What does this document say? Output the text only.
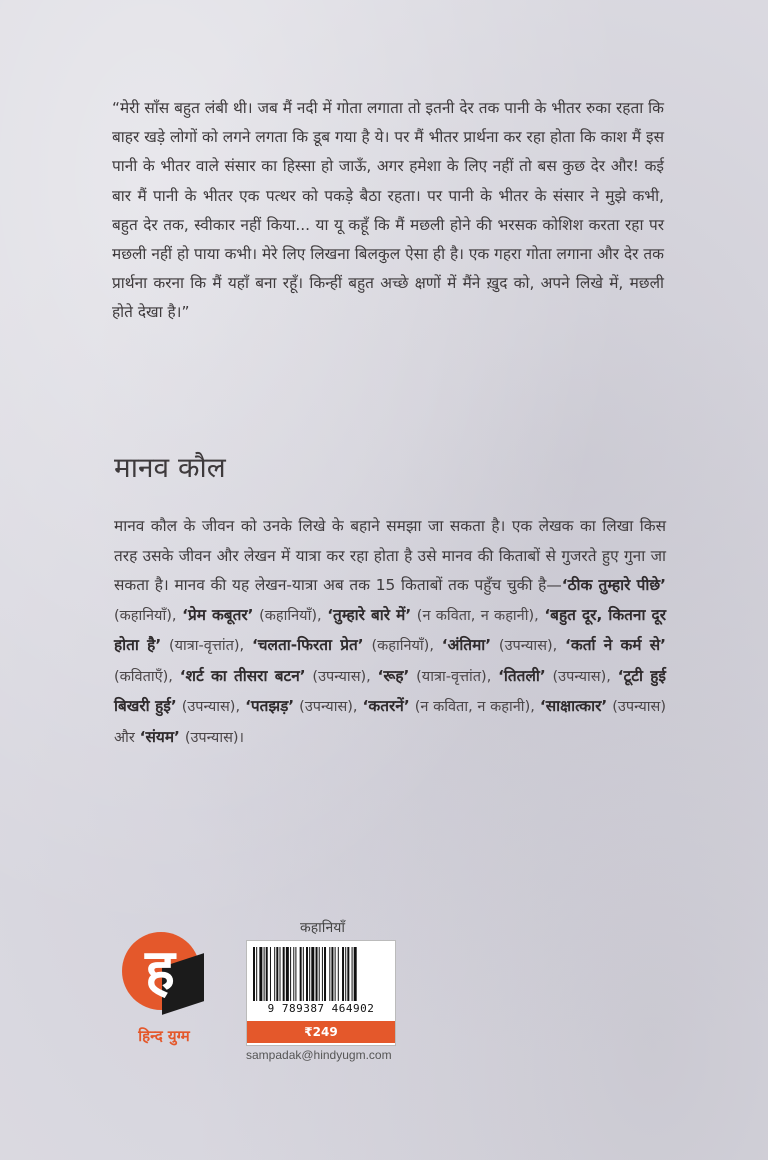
“मेरी साँस बहुत लंबी थी। जब मैं नदी में गोता लगाता तो इतनी देर तक पानी के भीतर रुका रहता कि बाहर खड़े लोगों को लगने लगता कि डूब गया है ये। पर मैं भीतर प्रार्थना कर रहा होता कि काश मैं इस पानी के भीतर वाले संसार का हिस्सा हो जाऊँ, अगर हमेशा के लिए नहीं तो बस कुछ देर और! कई बार मैं पानी के भीतर एक पत्थर को पकड़े बैठा रहता। पर पानी के भीतर के संसार ने मुझे कभी, बहुत देर तक, स्वीकार नहीं किया... या यू कहूँ कि मैं मछली होने की भरसक कोशिश करता रहा पर मछली नहीं हो पाया कभी। मेरे लिए लिखना बिलकुल ऐसा ही है। एक गहरा गोता लगाना और देर तक प्रार्थना करना कि मैं यहाँ बना रहूँ। किन्हीं बहुत अच्छे क्षणों में मैंने ख़ुद को, अपने लिखे में, मछली होते देखा है।”

मानव कौल

मानव कौल के जीवन को उनके लिखे के बहाने समझा जा सकता है। एक लेखक का लिखा किस तरह उसके जीवन और लेखन में यात्रा कर रहा होता है उसे मानव की किताबों से गुजरते हुए गुना जा सकता है। मानव की यह लेखन-यात्रा अब तक 15 किताबों तक पहुँच चुकी है—‘ठीक तुम्हारे पीछे’ (कहानियाँ), ‘प्रेम कबूतर’ (कहानियाँ), ‘तुम्हारे बारे में’ (न कविता, न कहानी), ‘बहुत दूर, कितना दूर होता है’ (यात्रा-वृत्तांत), ‘चलता-फिरता प्रेत’ (कहानियाँ), ‘अंतिमा’ (उपन्यास), ‘कर्ता ने कर्म से’ (कविताएँ), ‘शर्ट का तीसरा बटन’ (उपन्यास), ‘रूह’ (यात्रा-वृत्तांत), ‘तितली’ (उपन्यास), ‘टूटी हुई बिखरी हुई’ (उपन्यास), ‘पतझड़’ (उपन्यास), ‘कतरनें’ (न कविता, न कहानी), ‘साक्षात्कार’ (उपन्यास) और ‘संयम’ (उपन्यास)।

कहानियाँ

ह
हिन्द युग्म
9 789387 464902
₹249

sampadak@hindyugm.com
